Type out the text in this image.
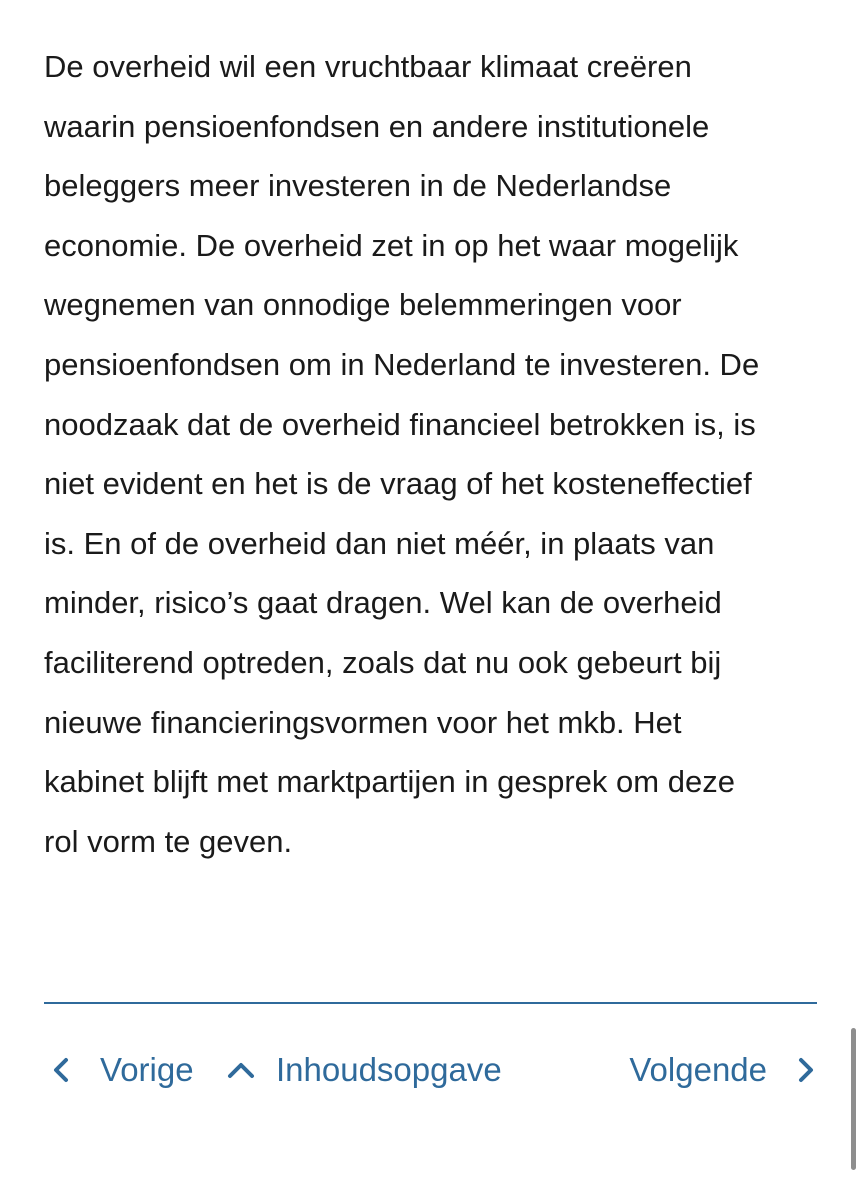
De overheid wil een vruchtbaar klimaat creëren
waarin pensioenfondsen en andere institutionele
beleggers meer investeren in de Nederlandse
economie. De overheid zet in op het waar mogelijk
wegnemen van onnodige belemmeringen voor
pensioenfondsen om in Nederland te investeren. De
noodzaak dat de overheid financieel betrokken is, is
niet evident en het is de vraag of het kosteneffectief
is. En of de overheid dan niet méér, in plaats van
minder, risico’s gaat dragen. Wel kan de overheid
faciliterend optreden, zoals dat nu ook gebeurt bij
nieuwe financieringsvormen voor het mkb. Het
kabinet blijft met marktpartijen in gesprek om deze
rol vorm te geven.

Vorige Inhoudsopgave	Volgende
